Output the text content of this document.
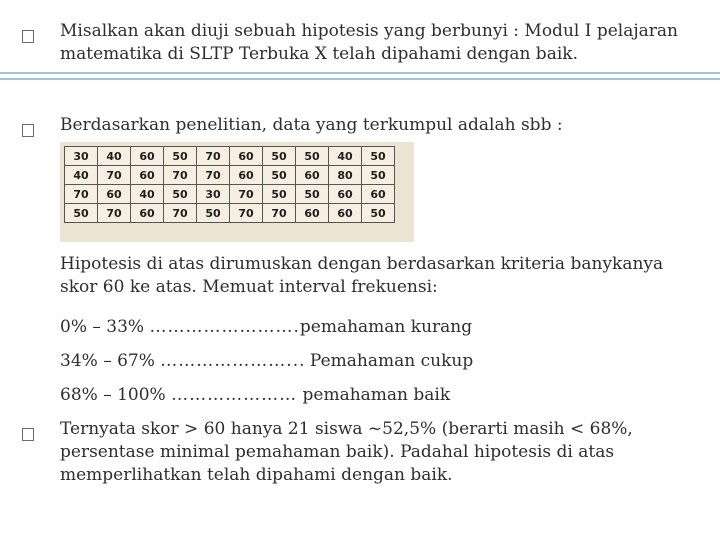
Misalkan akan diuji sebuah hipotesis yang berbunyi : Modul I pelajaran matematika di SLTP Terbuka X telah dipahami dengan baik.

Berdasarkan penelitian, data yang terkumpul adalah sbb :

30	40	60	50	70	60	50	50	40	50
40	70	60	70	70	60	50	60	80	50
70	60	40	50	30	70	50	50	60	60
50	70	60	70	50	70	70	60	60	50

Hipotesis di atas dirumuskan dengan berdasarkan kriteria banykanya skor 60 ke atas. Memuat interval frekuensi:

0% – 33% …………………….pemahaman kurang
34% – 67% …………………... Pemahaman cukup
68% – 100% ………………… pemahaman baik

Ternyata skor > 60 hanya 21 siswa ~52,5% (berarti masih < 68%, persentase minimal pemahaman baik). Padahal hipotesis di atas memperlihatkan telah dipahami dengan baik.
